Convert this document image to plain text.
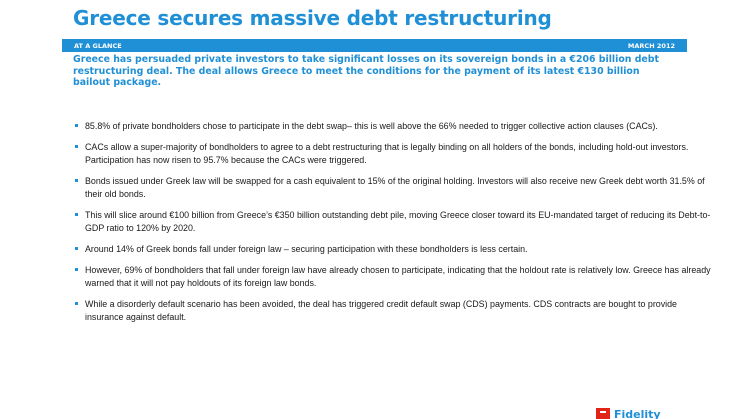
Greece secures massive debt restructuring
AT A GLANCE	MARCH 2012
Greece has persuaded private investors to take significant losses on its sovereign bonds in a €206 billion debt restructuring deal. The deal allows Greece to meet the conditions for the payment of its latest €130 billion bailout package.
85.8% of private bondholders chose to participate in the debt swap– this is well above the 66% needed to trigger collective action clauses (CACs).
CACs allow a super-majority of bondholders to agree to a debt restructuring that is legally binding on all holders of the bonds, including hold-out investors. Participation has now risen to 95.7% because the CACs were triggered.
Bonds issued under Greek law will be swapped for a cash equivalent to 15% of the original holding. Investors will also receive new Greek debt worth 31.5% of their old bonds.
This will slice around €100 billion from Greece’s €350 billion outstanding debt pile, moving Greece closer toward its EU-mandated target of reducing its Debt-to-GDP ratio to 120% by 2020.
Around 14% of Greek bonds fall under foreign law – securing participation with these bondholders is less certain.
However, 69% of bondholders that fall under foreign law have already chosen to participate, indicating that the holdout rate is relatively low. Greece has already warned that it will not pay holdouts of its foreign law bonds.
While a disorderly default scenario has been avoided, the deal has triggered credit default swap (CDS) payments. CDS contracts are bought to provide insurance against default.
Fidelity
